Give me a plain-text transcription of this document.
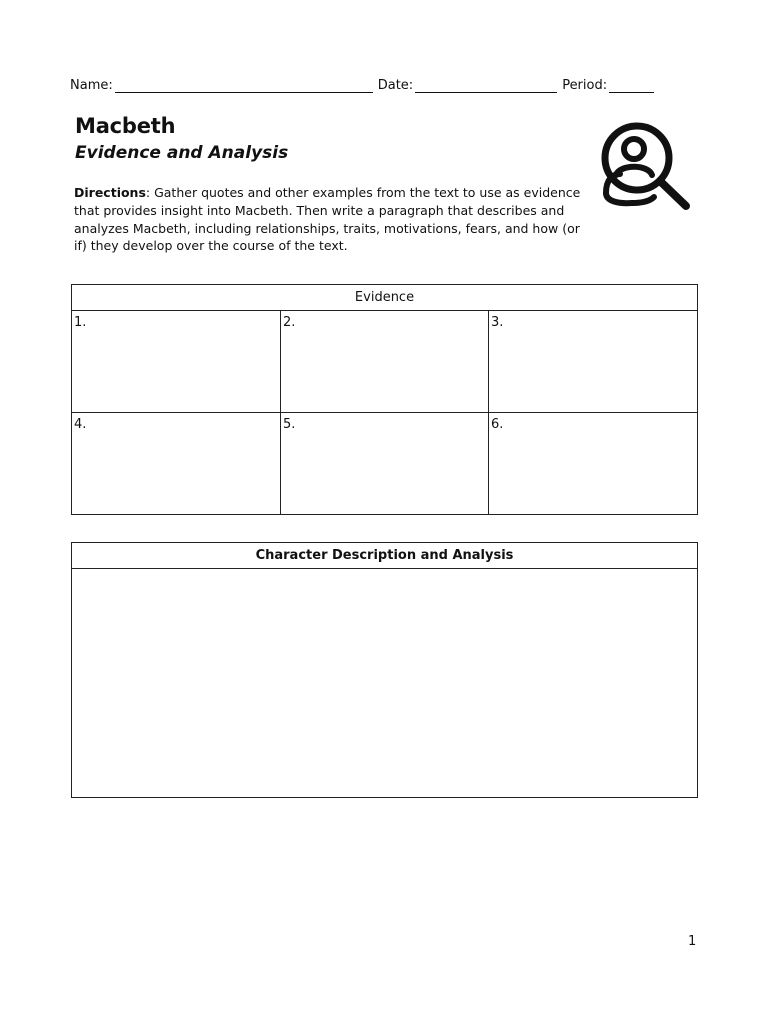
Name:	Date:	Period:
Macbeth
Evidence and Analysis
Directions: Gather quotes and other examples from the text to use as evidence that provides insight into Macbeth. Then write a paragraph that describes and analyzes Macbeth, including relationships, traits, motivations, fears, and how (or if) they develop over the course of the text.
Evidence
1.	2.	3.
4.	5.	6.
Character Description and Analysis
1
